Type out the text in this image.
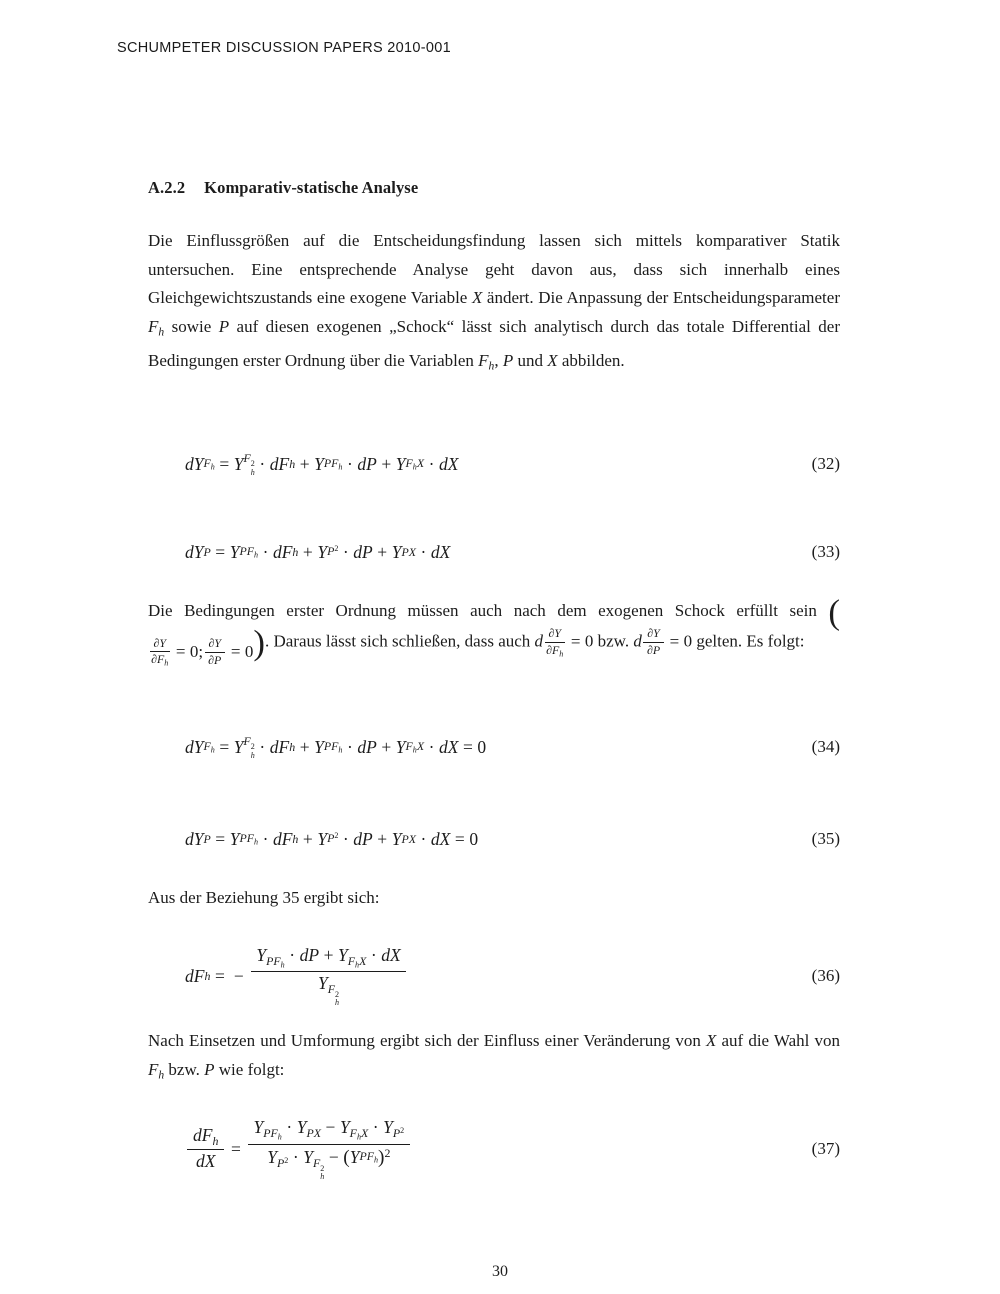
SCHUMPETER DISCUSSION PAPERS 2010-001
A.2.2 Komparativ-statische Analyse
Die Einflussgrößen auf die Entscheidungsfindung lassen sich mittels komparativer Statik untersuchen. Eine entsprechende Analyse geht davon aus, dass sich innerhalb eines Gleichgewichtszustands eine exogene Variable X ändert. Die Anpassung der Entscheidungsparameter $F_h$ sowie P auf diesen exogenen „Schock“ lässt sich analytisch durch das totale Differential der Bedingungen erster Ordnung über die Variablen $F_h$, P und X abbilden.
dY $F_h = Y$ F 2
h · dF h + Y $PF_h$ · dP + Y $F_hX$ · dX	(32)
dY P = Y $PF_h$ · dF h + Y $P^2$ · dP + Y PX · dX	(33)
Die Bedingungen erster Ordnung müssen auch nach dem exogenen Schock erfüllt sein (
$\frac{\partial Y}{\partial F_h} = 0$; $\frac{\partial Y}{\partial P} = 0$ ). Daraus lässt sich schließen, dass auch d $\frac{\partial Y}{\partial F_h} = 0$ bzw. d $\frac{\partial Y}{\partial P} = 0$ gelten. Es folgt:
dY $F_h = Y$ F 2
h · dF h + Y $PF_h$ · dP + Y $F_hX$ · dX = 0	(34)
dY P = Y $PF_h$ · dF h + Y $P^2$ · dP + Y PX · dX = 0	(35)
Aus der Beziehung 35 ergibt sich:
dF h = − $Y_{PF_h}$ · dP + $Y_{F_hX}$ · dX
$Y_{F 2 h}$	(36)
Nach Einsetzen und Umformung ergibt sich der Einfluss einer Veränderung von X auf die Wahl von $F_h$ bzw. P wie folgt:
$\frac{dF_h}{dX} = Y_{PF_h} \cdot Y_{PX} - Y_{F_hX} \cdot Y_{P^2}$
$Y_{P^2} \cdot Y_{F 2 h}$
− ( Y $PF_h$ )$^2$	(37)
30
